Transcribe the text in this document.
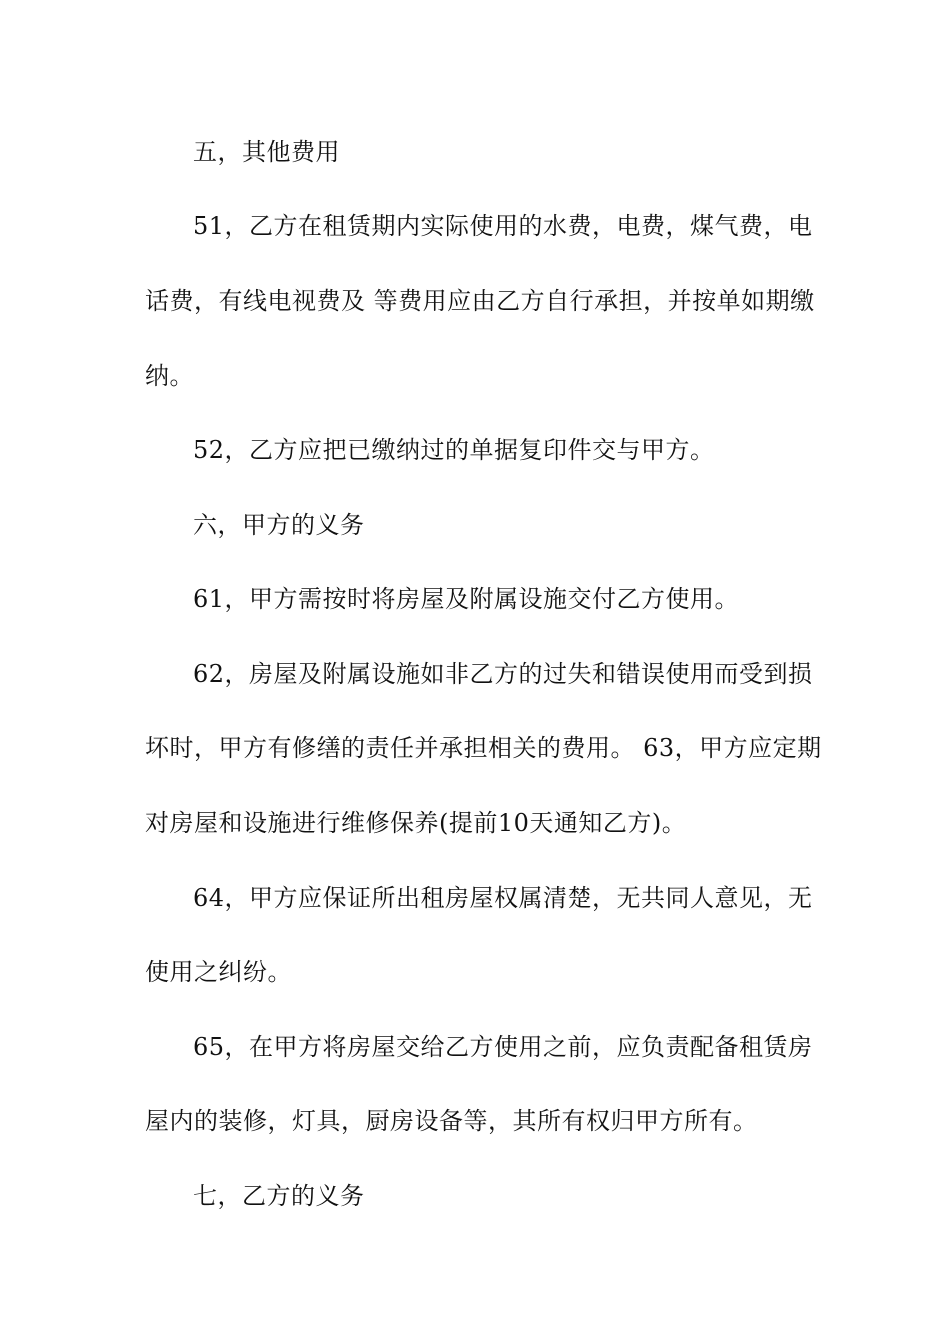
五，其他费用
51，乙方在租赁期内实际使用的水费，电费，煤气费，电
话费，有线电视费及 等费用应由乙方自行承担，并按单如期缴
纳。
52，乙方应把已缴纳过的单据复印件交与甲方。
六，甲方的义务
61，甲方需按时将房屋及附属设施交付乙方使用。
62，房屋及附属设施如非乙方的过失和错误使用而受到损
坏时，甲方有修缮的责任并承担相关的费用。 63，甲方应定期
对房屋和设施进行维修保养(提前10天通知乙方)。
64，甲方应保证所出租房屋权属清楚，无共同人意见，无
使用之纠纷。
65，在甲方将房屋交给乙方使用之前，应负责配备租赁房
屋内的装修，灯具，厨房设备等，其所有权归甲方所有。
七，乙方的义务
